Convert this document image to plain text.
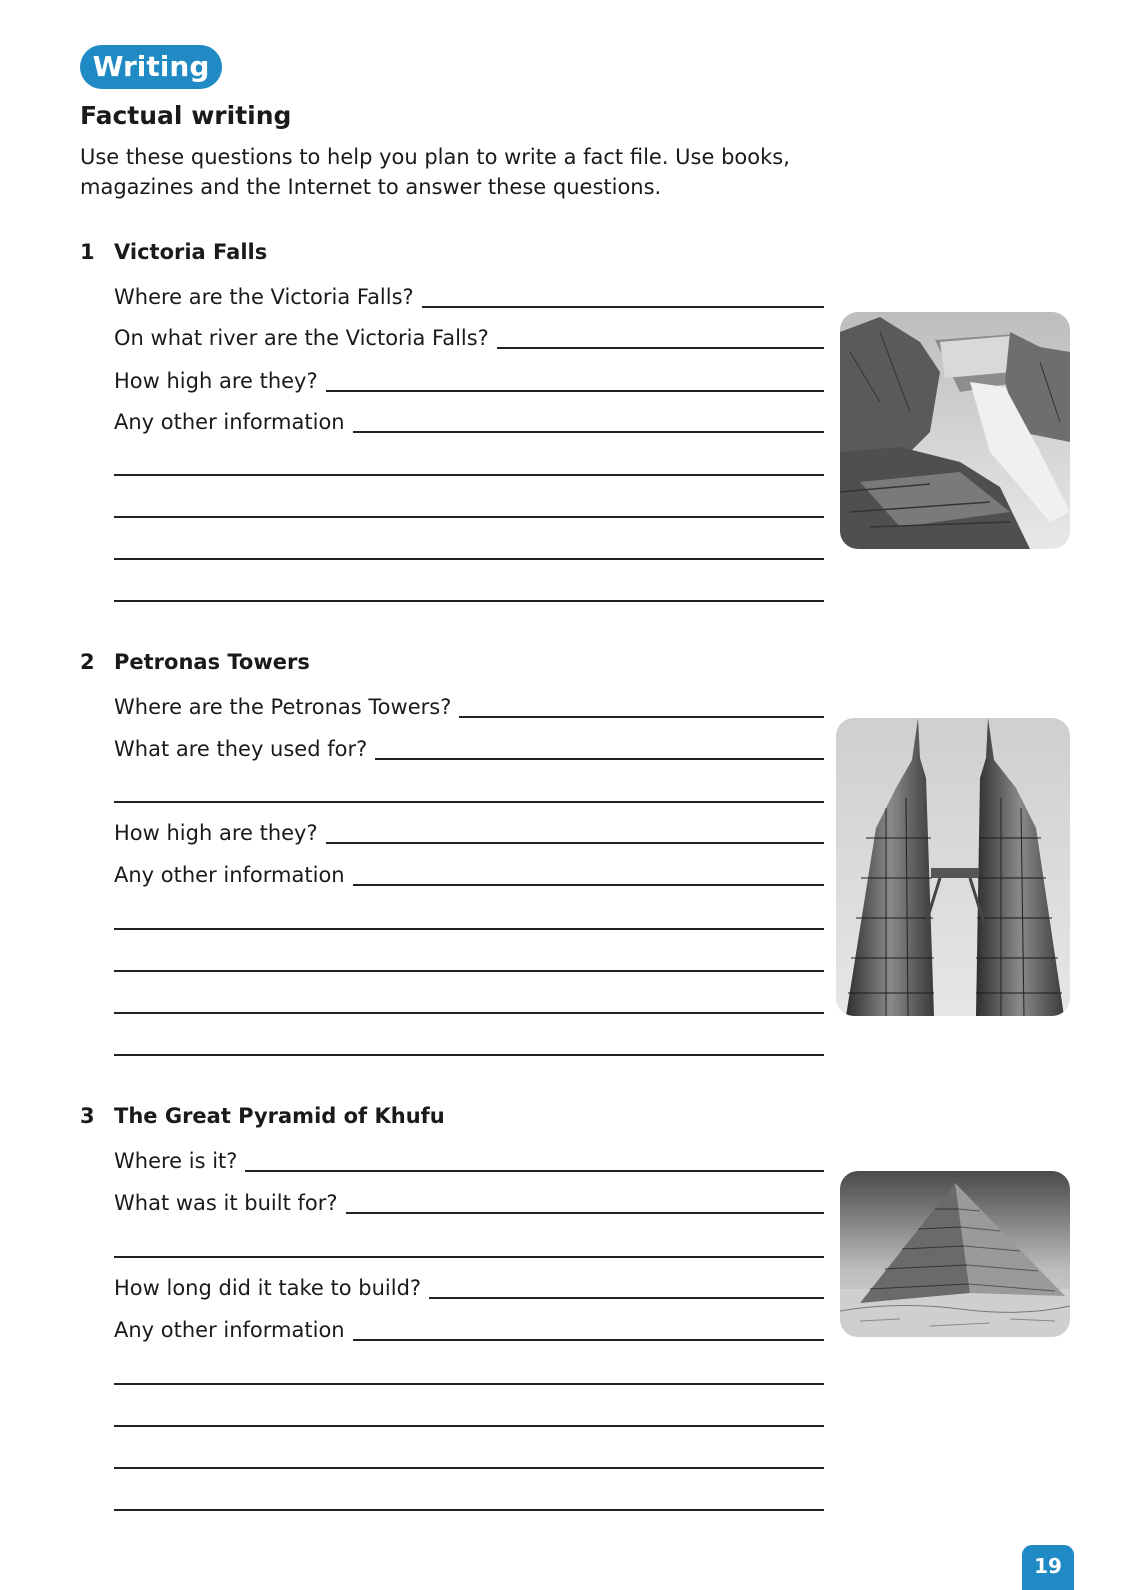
Writing
Factual writing
Use these questions to help you plan to write a fact file. Use books, magazines and the Internet to answer these questions.
1 Victoria Falls
Where are the Victoria Falls?
On what river are the Victoria Falls?
How high are they?
Any other information
2 Petronas Towers
Where are the Petronas Towers?
What are they used for?
How high are they?
Any other information
3 The Great Pyramid of Khufu
Where is it?
What was it built for?
How long did it take to build?
Any other information
19
